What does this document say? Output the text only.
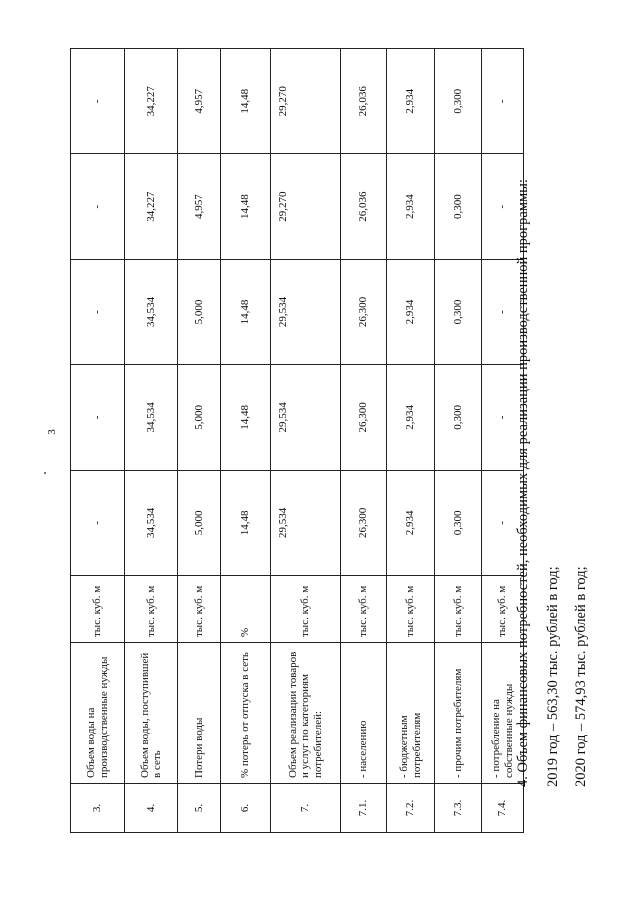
3
3.	Объем воды на производственные нужды	тыс. куб. м	-	-	-	-	-
4.	Объем воды, поступившей в сеть	тыс. куб. м	34,534	34,534	34,534	34,227	34,227
5.	Потери воды	тыс. куб. м	5,000	5,000	5,000	4,957	4,957
6.	% потерь от отпуска в сеть	%	14,48	14,48	14,48	14,48	14,48
7.	Объем реализации товаров и услуг по категориям потребителей:	тыс. куб. м	29,534	29,534	29,534	29,270	29,270
7.1.	- населению	тыс. куб. м	26,300	26,300	26,300	26,036	26,036
7.2.	- бюджетным потребителям	тыс. куб. м	2,934	2,934	2,934	2,934	2,934
7.3.	- прочим потребителям	тыс. куб. м	0,300	0,300	0,300	0,300	0,300
7.4.	- потребление на собственные нужды	тыс. куб. м	-	-	-	-	-
4. Объем финансовых потребностей, необходимых для реализации производственной программы: 2019 год – 563,30 тыс. рублей в год; 2020 год – 574,93 тыс. рублей в год;
